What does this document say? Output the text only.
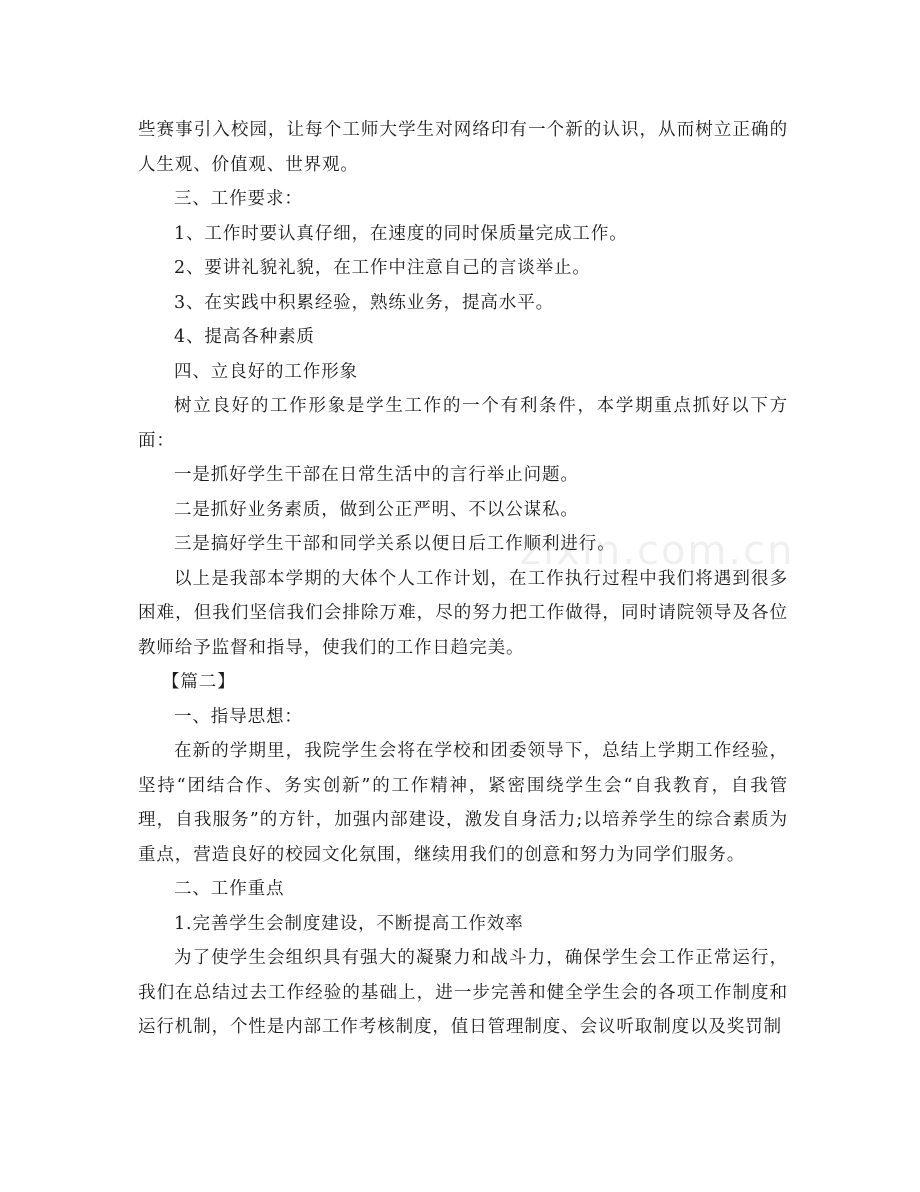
zixin.com.cn

些赛事引入校园，让每个工师大学生对网络印有一个新的认识，从而树立正确的人生观、价值观、世界观。

三、工作要求：

1、工作时要认真仔细，在速度的同时保质量完成工作。

2、要讲礼貌礼貌，在工作中注意自己的言谈举止。

3、在实践中积累经验，熟练业务，提高水平。

4、提高各种素质

四、立良好的工作形象

树立良好的工作形象是学生工作的一个有利条件，本学期重点抓好以下方面：

一是抓好学生干部在日常生活中的言行举止问题。

二是抓好业务素质，做到公正严明、不以公谋私。

三是搞好学生干部和同学关系以便日后工作顺利进行。

以上是我部本学期的大体个人工作计划，在工作执行过程中我们将遇到很多困难，但我们坚信我们会排除万难，尽的努力把工作做得，同时请院领导及各位教师给予监督和指导，使我们的工作日趋完美。

【篇二】

一、指导思想：

在新的学期里，我院学生会将在学校和团委领导下，总结上学期工作经验，坚持“团结合作、务实创新”的工作精神，紧密围绕学生会“自我教育，自我管理，自我服务”的方针，加强内部建设，激发自身活力;以培养学生的综合素质为重点，营造良好的校园文化氛围，继续用我们的创意和努力为同学们服务。

二、工作重点

1.完善学生会制度建设，不断提高工作效率

为了使学生会组织具有强大的凝聚力和战斗力，确保学生会工作正常运行，我们在总结过去工作经验的基础上，进一步完善和健全学生会的各项工作制度和运行机制，个性是内部工作考核制度，值日管理制度、会议听取制度以及奖罚制
